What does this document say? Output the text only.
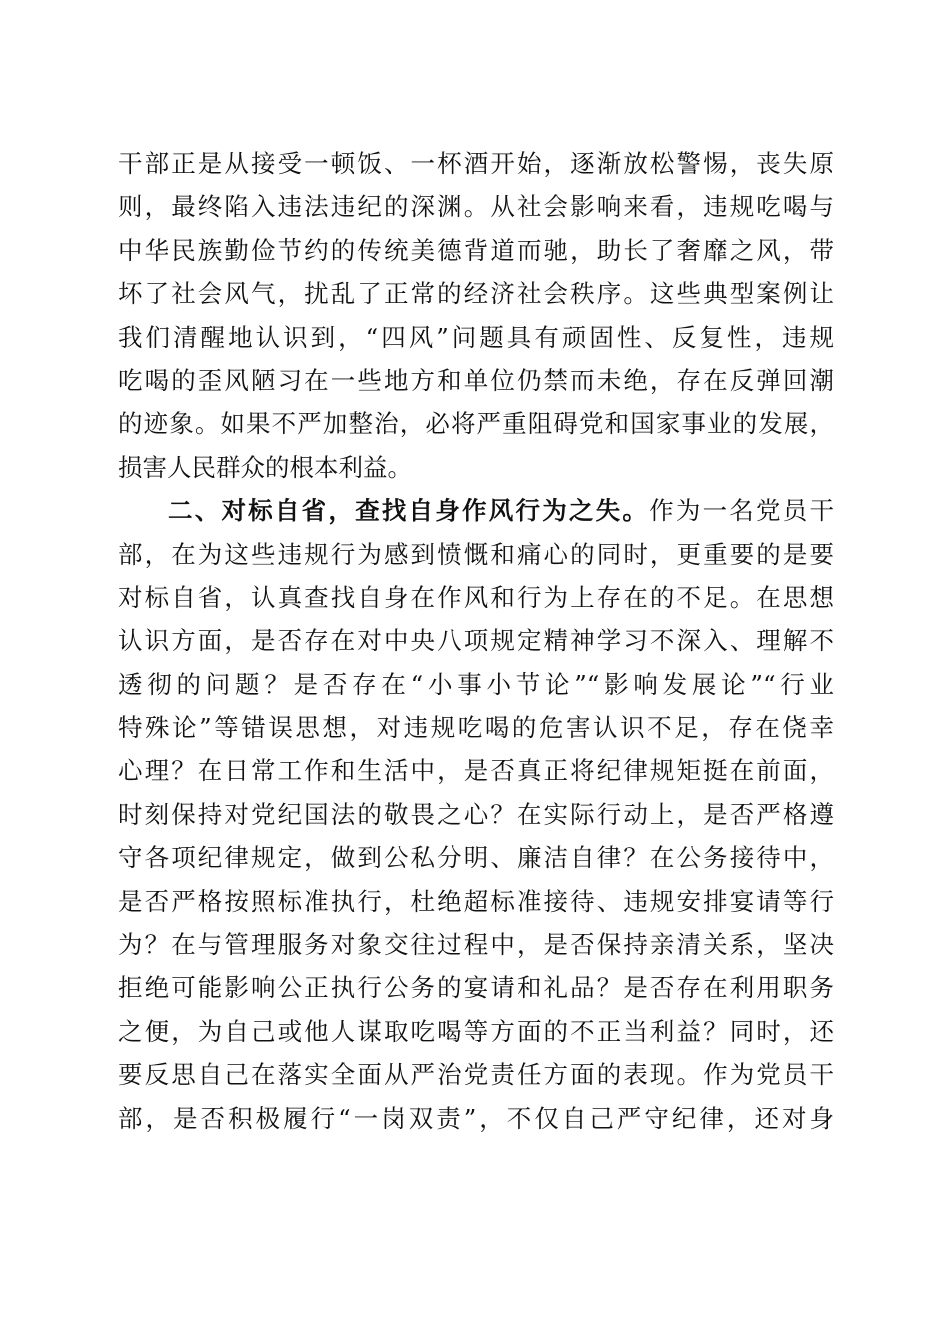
干部正是从接受一顿饭、一杯酒开始，逐渐放松警惕，丧失原
则，最终陷入违法违纪的深渊。从社会影响来看，违规吃喝与
中华民族勤俭节约的传统美德背道而驰，助长了奢靡之风，带
坏了社会风气，扰乱了正常的经济社会秩序。这些典型案例让
我们清醒地认识到，“四风”问题具有顽固性、反复性，违规
吃喝的歪风陋习在一些地方和单位仍禁而未绝，存在反弹回潮
的迹象。如果不严加整治，必将严重阻碍党和国家事业的发展，
损害人民群众的根本利益。
二、对标自省，查找自身作风行为之失。作为一名党员干
部，在为这些违规行为感到愤慨和痛心的同时，更重要的是要
对标自省，认真查找自身在作风和行为上存在的不足。在思想
认识方面，是否存在对中央八项规定精神学习不深入、理解不
透彻的问题？是否存在“小事小节论”“影响发展论”“行业
特殊论”等错误思想，对违规吃喝的危害认识不足，存在侥幸
心理？在日常工作和生活中，是否真正将纪律规矩挺在前面，
时刻保持对党纪国法的敬畏之心？在实际行动上，是否严格遵
守各项纪律规定，做到公私分明、廉洁自律？在公务接待中，
是否严格按照标准执行，杜绝超标准接待、违规安排宴请等行
为？在与管理服务对象交往过程中，是否保持亲清关系，坚决
拒绝可能影响公正执行公务的宴请和礼品？是否存在利用职务
之便，为自己或他人谋取吃喝等方面的不正当利益？同时，还
要反思自己在落实全面从严治党责任方面的表现。作为党员干
部，是否积极履行“一岗双责”，不仅自己严守纪律，还对身
